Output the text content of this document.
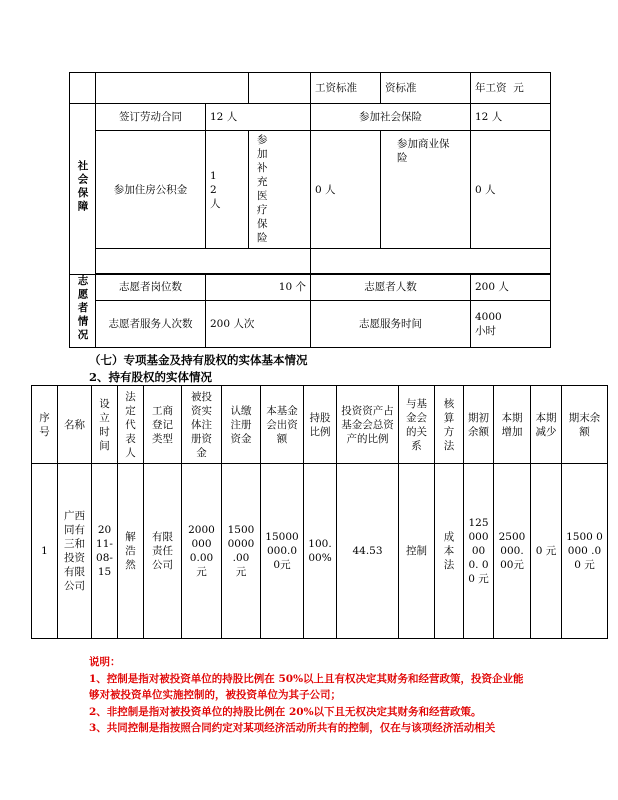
				工资标准	资标准	年工资 元
社会保障	签订劳动合同	12 人		参加社会保险		12 人
	参加住房公积金	1 2 人	参加补充医疗保险	0 人	参加商业保险	0 人

志愿者情况	志愿者岗位数	10 个		志愿者人数		200 人
	志愿者服务人次数	200 人次		志愿服务时间		4000 小时
（七）专项基金及持有股权的实体基本情况
2、持有股权的实体情况
序号	名称	设立时间	法定代表人	工商登记类型	被投资实体注册资金	认缴注册资金	本基金会出资额	持股比例	投资资产占基金会总资产的比例	与基金会的关系	核算方法	期初余额	本期增加	本期减少	期末余额
1	广西同有三和投资有限公司	2011-08-15	解浩然	有限责任公司	2000000 0.00元	1500 0000 .00 元	15000 000.0 0元	100.00%	44.53	控制	成本法	125 000 000. 00 元	2500 000. 00元	0 元	1500 0000 .00 元
说明：
1、控制是指对被投资单位的持股比例在 50%以上且有权决定其财务和经营政策，投资企业能够对被投资单位实施控制的，被投资单位为其子公司；
2、非控制是指对被投资单位的持股比例在 20%以下且无权决定其财务和经营政策。
3、共同控制是指按照合同约定对某项经济活动所共有的控制，仅在与该项经济活动相关
